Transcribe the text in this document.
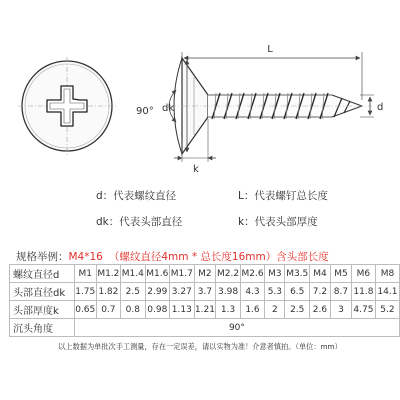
L
90° dk	d
k
d：代表螺纹直径	L：代表螺钉总长度
dk：代表头部直径	k：代表头部厚度
规格举例：M4*16 （螺纹直径4mm * 总长度16mm）含头部长度
螺纹直径d	M1	M1.2	M1.4	M1.6	M1.7	M2	M2.2	M2.6	M3	M3.5	M4	M5	M6	M8
头部直径dk	1.75	1.82	2.5	2.99	3.27	3.7	3.98	4.3	5.3	6.5	7.2	8.7	11.8	14.1
头部厚度k	0.65	0.7	0.8	0.98	1.13	1.21	1.3	1.6	2	2.5	2.6	3	4.75	5.2
沉头角度	90°													
以上数据为单批次手工测量，存在一定误差，请以实物为准！介意者慎拍。（单位：mm）
